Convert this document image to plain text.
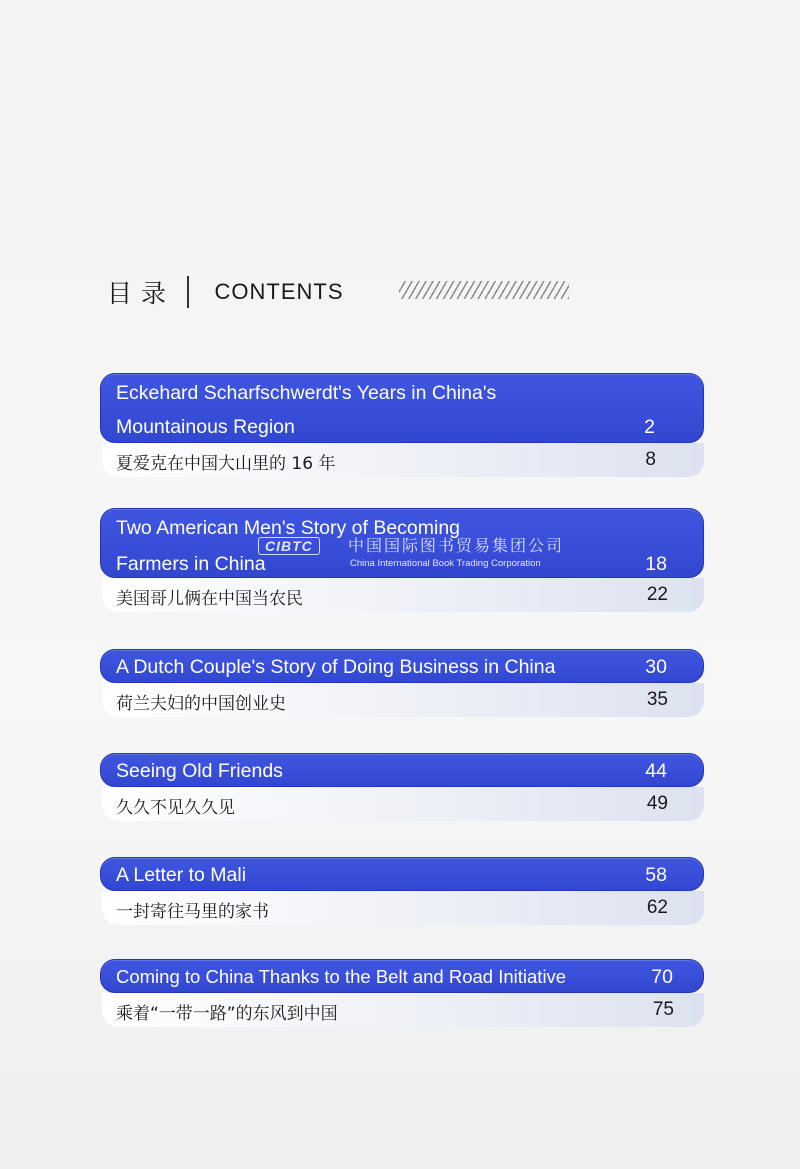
目录 CONTENTS
Eckehard Scharfschwerdt's Years in China's
Mountainous Region	2
夏爱克在中国大山里的 16 年	8
Two American Men's Story of Becoming
Farmers in China	18
美国哥儿俩在中国当农民	22
A Dutch Couple's Story of Doing Business in China	30
荷兰夫妇的中国创业史	35
Seeing Old Friends	44
久久不见久久见	49
A Letter to Mali	58
一封寄往马里的家书	62
Coming to China Thanks to the Belt and Road Initiative	70
乘着“一带一路”的东风到中国	75
CIBTC	中国国际图书贸易集团公司
China International Book Trading Corporation
